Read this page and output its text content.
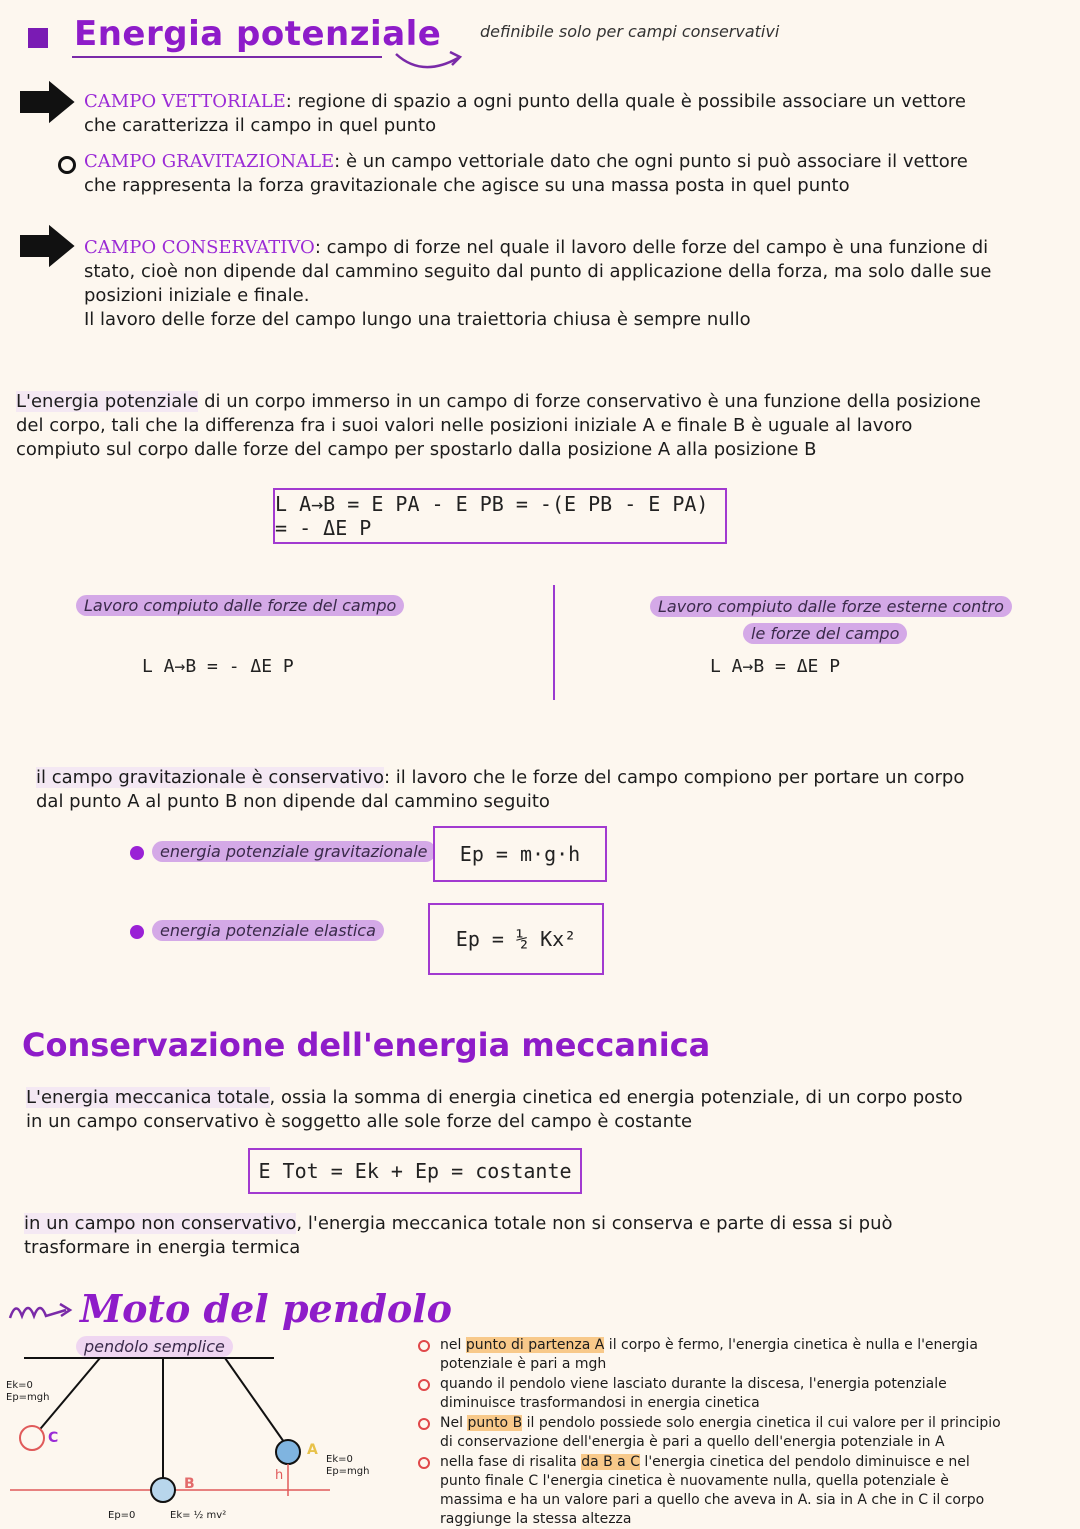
Energia potenziale definibile solo per campi conservativi
CAMPO VETTORIALE: regione di spazio a ogni punto della quale è possibile associare un vettore
che caratterizza il campo in quel punto
CAMPO GRAVITAZIONALE: è un campo vettoriale dato che ogni punto si può associare il vettore
che rappresenta la forza gravitazionale che agisce su una massa posta in quel punto
CAMPO CONSERVATIVO: campo di forze nel quale il lavoro delle forze del campo è una funzione di
stato, cioè non dipende dal cammino seguito dal punto di applicazione della forza, ma solo dalle sue
posizioni iniziale e finale.
Il lavoro delle forze del campo lungo una traiettoria chiusa è sempre nullo
L'energia potenziale di un corpo immerso in un campo di forze conservativo è una funzione della posizione
del corpo, tali che la differenza fra i suoi valori nelle posizioni iniziale A e finale B è uguale al lavoro
compiuto sul corpo dalle forze del campo per spostarlo dalla posizione A alla posizione B
L A→B = E PA - E PB = -(E PB - E PA) = - ΔE P
Lavoro compiuto dalle forze del campo
L A→B = - ΔE P
Lavoro compiuto dalle forze esterne contro
le forze del campo
L A→B = ΔE P
il campo gravitazionale è conservativo: il lavoro che le forze del campo compiono per portare un corpo
dal punto A al punto B non dipende dal cammino seguito
energia potenziale gravitazionale	Ep = m·g·h
energia potenziale elastica	Ep = ½ Kx²
Conservazione dell'energia meccanica
L'energia meccanica totale, ossia la somma di energia cinetica ed energia potenziale, di un corpo posto
in un campo conservativo è soggetto alle sole forze del campo è costante
E Tot = Ek + Ep = costante
in un campo non conservativo, l'energia meccanica totale non si conserva e parte di essa si può
trasformare in energia termica
Moto del pendolo
pendolo semplice
Ek=0
Ep=mgh
C
B
A
h
Ek=0
Ep=mgh
Ep=0	Ek= ½ mv²
nel punto di partenza A il corpo è fermo, l'energia cinetica è nulla e l'energia
potenziale è pari a mgh
quando il pendolo viene lasciato durante la discesa, l'energia potenziale
diminuisce trasformandosi in energia cinetica
Nel punto B il pendolo possiede solo energia cinetica il cui valore per il principio
di conservazione dell'energia è pari a quello dell'energia potenziale in A
nella fase di risalita da B a C l'energia cinetica del pendolo diminuisce e nel
punto finale C l'energia cinetica è nuovamente nulla, quella potenziale è
massima e ha un valore pari a quello che aveva in A. sia in A che in C il corpo
raggiunge la stessa altezza
